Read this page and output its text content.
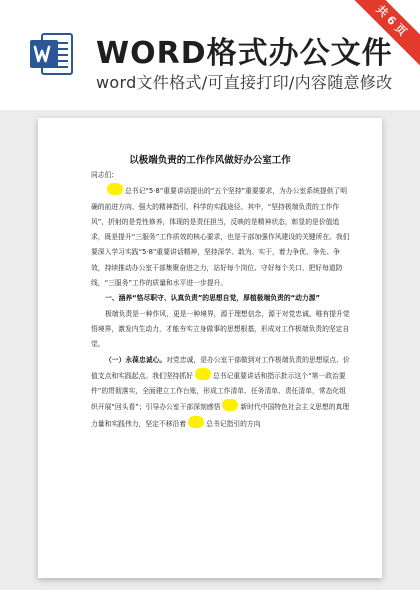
WORD格式办公文件
word文件格式/可直接打印/内容随意修改
共 6 页
以极端负责的工作作风做好办公室工作

同志们:

总书记“5·8”重要讲话提出的“五个坚持”重要要求，为办公室系统提供了明确的前进方向、强大的精神指引、科学的实践途径。其中，“坚持极端负责的工作作风”，折射的是党性修养，体现的是责任担当，反映的是精神状态，彰显的是价值追求，既是提升“三服务”工作质效的核心要求，也是干部加强作风建设的关键所在。我们要深入学习实践“5·8”重要讲话精神，坚持深学、敢为、实干，着力争优、争先、争效，持续推动办公室干部集聚奋进之力，站好每个岗位、守好每个关口、把好每道防线，“三服务”工作的质量和水平进一步提升。

一、涵养“恪尽职守、认真负责”的思想自觉，厚植极端负责的“动力源”

极端负责是一种作风，更是一种境界，源于理想信念，源于对党忠诚。唯有提升觉悟境界，激发内生动力，才能夯实立身做事的思想根基，形成对工作极端负责的坚定自觉。

（一）永葆忠诚心。对党忠诚，是办公室干部做到对工作极端负责的思想原点、价值支点和实践起点。我们坚持抓好	总书记重要讲话和指示批示这个“第一政治要件”的贯彻落实，全面建立工作台账，形成工作清单、任务清单、责任清单，常态化组织开展“回头看”；引导办公室干部深刻感悟	新时代中国特色社会主义思想的真理力量和实践伟力，坚定不移沿着	总书记指引的方向
